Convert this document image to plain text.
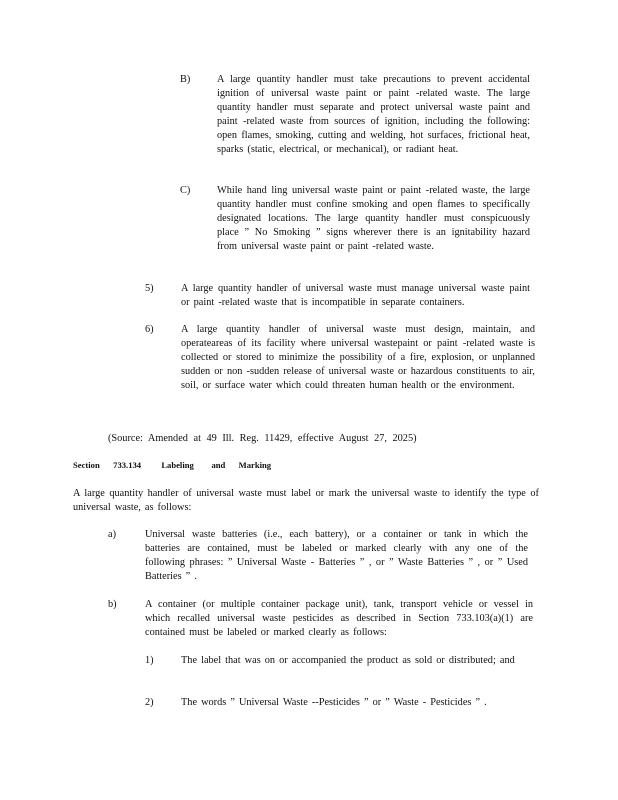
B)	A large quantity handler must take precautions to prevent accidental ignition of universal waste paint or paint -related waste. The large quantity handler must separate and protect universal waste paint and paint -related waste from sources of ignition, including the following: open flames, smoking, cutting and welding, hot surfaces, frictional heat, sparks (static, electrical, or mechanical), or radiant heat.
C)	While hand ling universal waste paint or paint -related waste, the large quantity handler must confine smoking and open flames to specifically designated locations. The large quantity handler must conspicuously place ” No Smoking ” signs wherever there is an ignitability hazard from universal waste paint or paint -related waste.
5)	A large quantity handler of universal waste must manage universal waste paint or paint -related waste that is incompatible in separate containers.
6)	A large quantity handler of universal waste must design, maintain, and operateareas of its facility where universal wastepaint or paint -related waste is collected or stored to minimize the possibility of a fire, explosion, or unplanned sudden or non -sudden release of universal waste or hazardous constituents to air, soil, or surface water which could threaten human health or the environment.
(Source: Amended at 49 Ill. Reg. 11429, effective August 27, 2025)
Section 733.134 Labeling and Marking
A large quantity handler of universal waste must label or mark the universal waste to identify the type of universal waste, as follows:
a)	Universal waste batteries (i.e., each battery), or a container or tank in which the batteries are contained, must be labeled or marked clearly with any one of the following phrases: ” Universal Waste - Batteries ” , or ” Waste Batteries ” , or ” Used Batteries ” .
b)	A container (or multiple container package unit), tank, transport vehicle or vessel in which recalled universal waste pesticides as described in Section 733.103(a)(1) are contained must be labeled or marked clearly as follows:
1)	The label that was on or accompanied the product as sold or distributed; and
2)	The words ” Universal Waste --Pesticides ” or ” Waste - Pesticides ” .
